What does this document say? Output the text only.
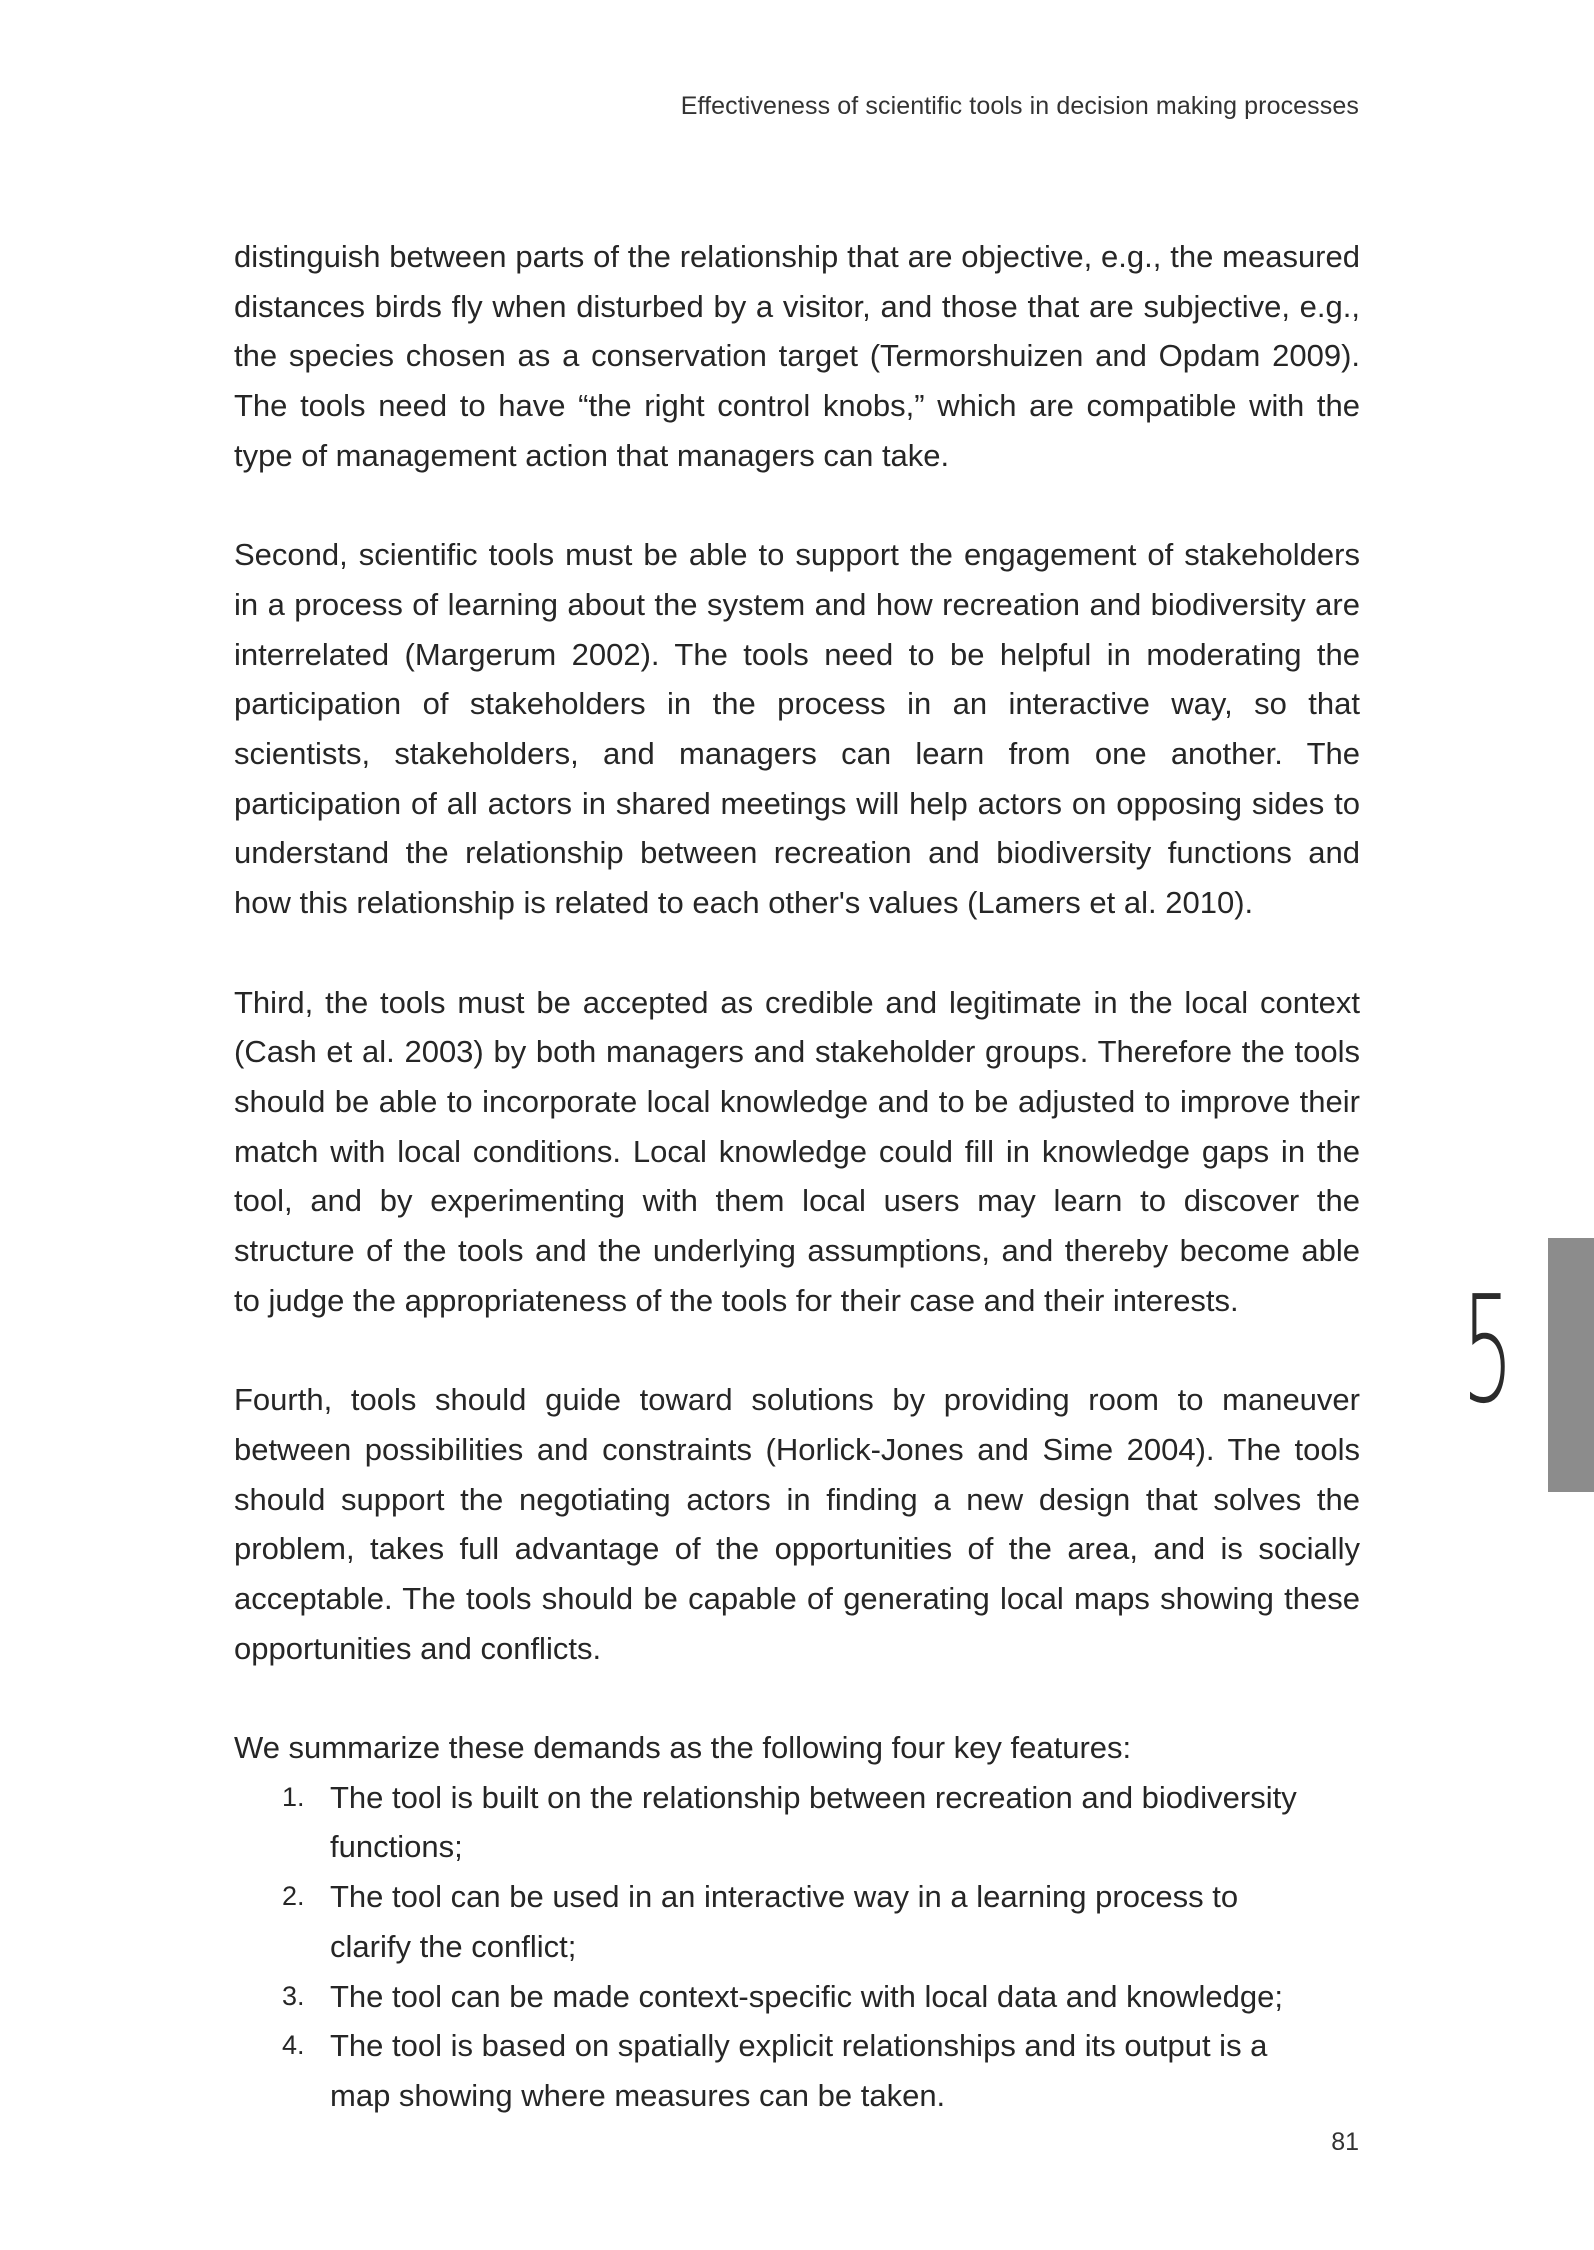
Effectiveness of scientific tools in decision making processes

distinguish between parts of the relationship that are objective, e.g., the measured distances birds fly when disturbed by a visitor, and those that are subjective, e.g., the species chosen as a conservation target (Termorshuizen and Opdam 2009). The tools need to have “the right control knobs,” which are compatible with the type of management action that managers can take.

Second, scientific tools must be able to support the engagement of stakeholders in a process of learning about the system and how recreation and biodiversity are interrelated (Margerum 2002). The tools need to be helpful in moderating the participation of stakeholders in the process in an interactive way, so that scientists, stakeholders, and managers can learn from one another. The participation of all actors in shared meetings will help actors on opposing sides to understand the relationship between recreation and biodiversity functions and how this relationship is related to each other's values (Lamers et al. 2010).

Third, the tools must be accepted as credible and legitimate in the local context (Cash et al. 2003) by both managers and stakeholder groups. Therefore the tools should be able to incorporate local knowledge and to be adjusted to improve their match with local conditions. Local knowledge could fill in knowledge gaps in the tool, and by experimenting with them local users may learn to discover the structure of the tools and the underlying assumptions, and thereby become able to judge the appropriateness of the tools for their case and their interests.

Fourth, tools should guide toward solutions by providing room to maneuver between possibilities and constraints (Horlick-Jones and Sime 2004). The tools should support the negotiating actors in finding a new design that solves the problem, takes full advantage of the opportunities of the area, and is socially acceptable. The tools should be capable of generating local maps showing these opportunities and conflicts.

We summarize these demands as the following four key features:

1. The tool is built on the relationship between recreation and biodiversity functions;
2. The tool can be used in an interactive way in a learning process to clarify the conflict;
3. The tool can be made context-specific with local data and knowledge;
4. The tool is based on spatially explicit relationships and its output is a map showing where measures can be taken.
5
81
